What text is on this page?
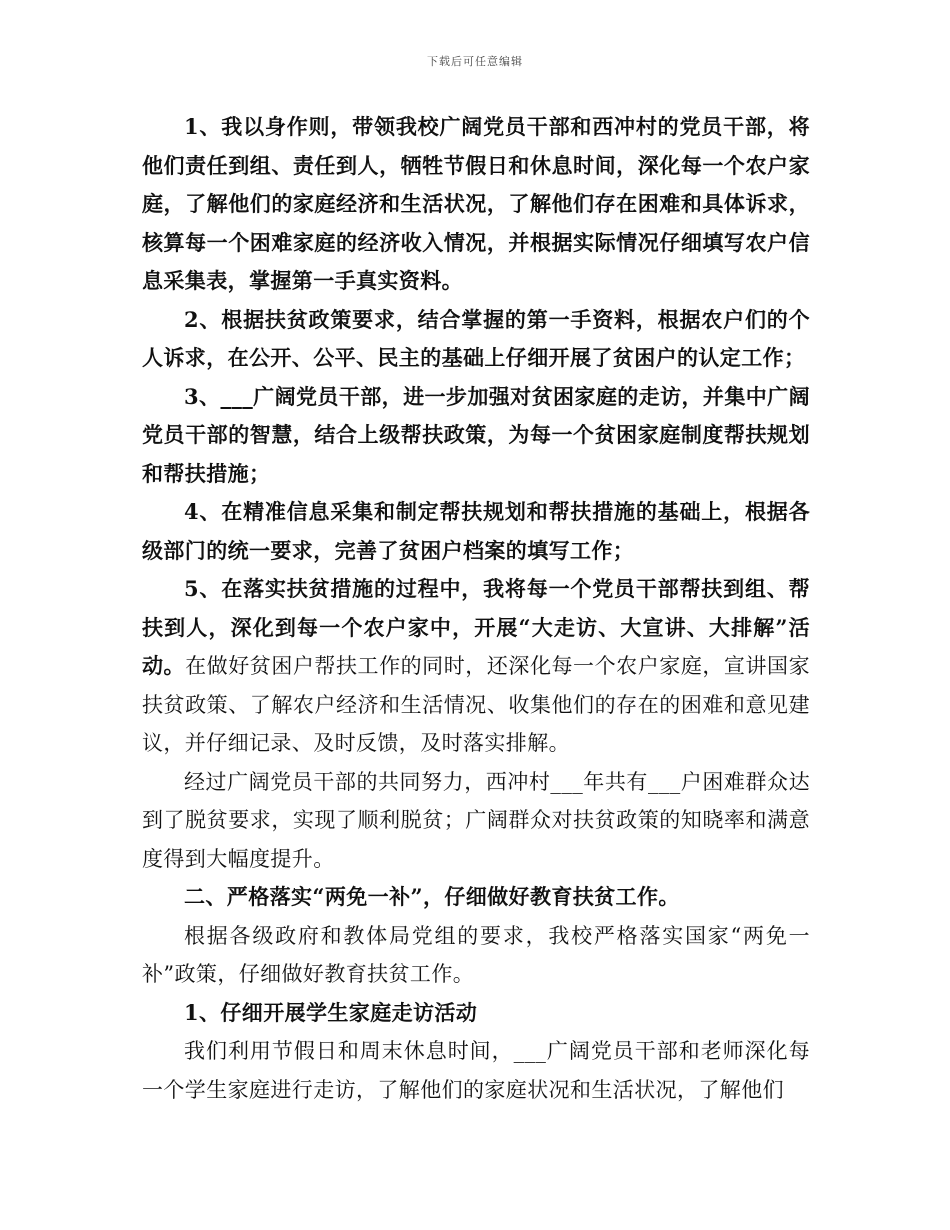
下载后可任意编辑

1、我以身作则，带领我校广阔党员干部和西冲村的党员干部，将他们责任到组、责任到人，牺牲节假日和休息时间，深化每一个农户家庭，了解他们的家庭经济和生活状况，了解他们存在困难和具体诉求，核算每一个困难家庭的经济收入情况，并根据实际情况仔细填写农户信息采集表，掌握第一手真实资料。

2、根据扶贫政策要求，结合掌握的第一手资料，根据农户们的个人诉求，在公开、公平、民主的基础上仔细开展了贫困户的认定工作；

3、___广阔党员干部，进一步加强对贫困家庭的走访，并集中广阔党员干部的智慧，结合上级帮扶政策，为每一个贫困家庭制度帮扶规划和帮扶措施；

4、在精准信息采集和制定帮扶规划和帮扶措施的基础上，根据各级部门的统一要求，完善了贫困户档案的填写工作；

5、在落实扶贫措施的过程中，我将每一个党员干部帮扶到组、帮扶到人，深化到每一个农户家中，开展“大走访、大宣讲、大排解”活动。在做好贫困户帮扶工作的同时，还深化每一个农户家庭，宣讲国家扶贫政策、了解农户经济和生活情况、收集他们的存在的困难和意见建议，并仔细记录、及时反馈，及时落实排解。

经过广阔党员干部的共同努力，西冲村___年共有___户困难群众达到了脱贫要求，实现了顺利脱贫；广阔群众对扶贫政策的知晓率和满意度得到大幅度提升。

二、严格落实“两免一补”，仔细做好教育扶贫工作。

根据各级政府和教体局党组的要求，我校严格落实国家“两免一补”政策，仔细做好教育扶贫工作。

1、仔细开展学生家庭走访活动

我们利用节假日和周末休息时间，___广阔党员干部和老师深化每一个学生家庭进行走访，了解他们的家庭状况和生活状况，了解他们
